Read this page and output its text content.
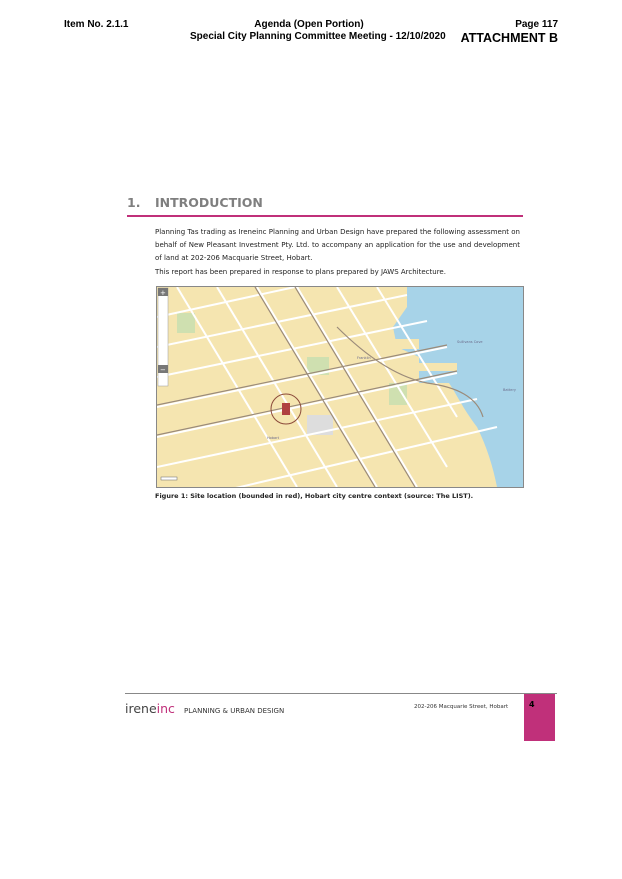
Item No. 2.1.1	Agenda (Open Portion)
Special City Planning Committee Meeting - 12/10/2020
Page 117
ATTACHMENT B
1. INTRODUCTION
Planning Tas trading as Ireneinc Planning and Urban Design have prepared the following assessment on behalf of New Pleasant Investment Pty. Ltd. to accompany an application for the use and development of land at 202-206 Macquarie Street, Hobart.
This report has been prepared in response to plans prepared by JAWS Architecture.
Sullivans Cove
Battery
Franklin
Hobart
+
−
Figure 1: Site location (bounded in red), Hobart city centre context (source: The LIST).
ireneinc PLANNING & URBAN DESIGN	202-206 Macquarie Street, Hobart	4
